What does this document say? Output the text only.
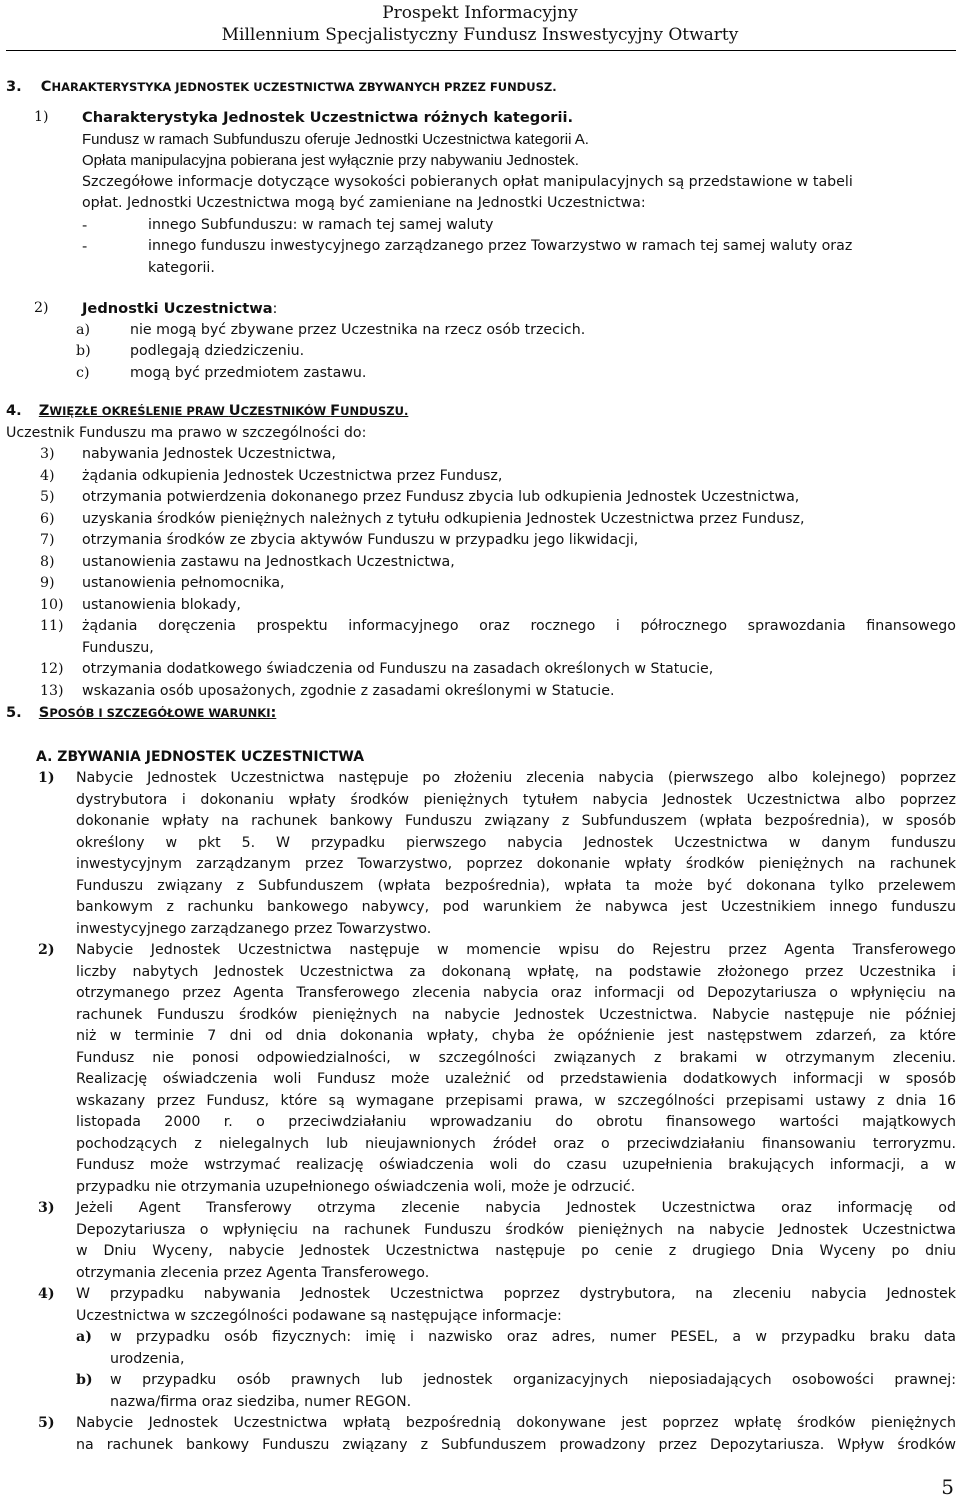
Prospekt Informacyjny
Millennium Specjalistyczny Fundusz Inswestycyjny Otwarty
3. CHARAKTERYSTYKA JEDNOSTEK UCZESTNICTWA ZBYWANYCH PRZEZ FUNDUSZ.
1)	Charakterystyka Jednostek Uczestnictwa różnych kategorii.
Fundusz w ramach Subfunduszu oferuje Jednostki Uczestnictwa kategorii A.
Opłata manipulacyjna pobierana jest wyłącznie przy nabywaniu Jednostek.
Szczegółowe informacje dotyczące wysokości pobieranych opłat manipulacyjnych są przedstawione w tabeli
opłat. Jednostki Uczestnictwa mogą być zamieniane na Jednostki Uczestnictwa:
-	innego Subfunduszu: w ramach tej samej waluty
-	innego funduszu inwestycyjnego zarządzanego przez Towarzystwo w ramach tej samej waluty oraz
kategorii.
2)	Jednostki Uczestnictwa:
a)	nie mogą być zbywane przez Uczestnika na rzecz osób trzecich.
b)	podlegają dziedziczeniu.
c)	mogą być przedmiotem zastawu.
4. ZWIĘZŁE OKREŚLENIE PRAW UCZESTNIKÓW FUNDUSZU.
Uczestnik Funduszu ma prawo w szczególności do:
3)	nabywania Jednostek Uczestnictwa,
4)	żądania odkupienia Jednostek Uczestnictwa przez Fundusz,
5)	otrzymania potwierdzenia dokonanego przez Fundusz zbycia lub odkupienia Jednostek Uczestnictwa,
6)	uzyskania środków pieniężnych należnych z tytułu odkupienia Jednostek Uczestnictwa przez Fundusz,
7)	otrzymania środków ze zbycia aktywów Funduszu w przypadku jego likwidacji,
8)	ustanowienia zastawu na Jednostkach Uczestnictwa,
9)	ustanowienia pełnomocnika,
10)	ustanowienia blokady,
11)	żądania doręczenia prospektu informacyjnego oraz rocznego i półrocznego sprawozdania finansowego
Funduszu,
12)	otrzymania dodatkowego świadczenia od Funduszu na zasadach określonych w Statucie,
13)	wskazania osób uposażonych, zgodnie z zasadami określonymi w Statucie.
5. SPOSÓB I SZCZEGÓŁOWE WARUNKI:
A. ZBYWANIA JEDNOSTEK UCZESTNICTWA
1)	Nabycie Jednostek Uczestnictwa następuje po złożeniu zlecenia nabycia (pierwszego albo kolejnego) poprzez
dystrybutora i dokonaniu wpłaty środków pieniężnych tytułem nabycia Jednostek Uczestnictwa albo poprzez
dokonanie wpłaty na rachunek bankowy Funduszu związany z Subfunduszem (wpłata bezpośrednia), w sposób
określony w pkt 5. W przypadku pierwszego nabycia Jednostek Uczestnictwa w danym funduszu
inwestycyjnym zarządzanym przez Towarzystwo, poprzez dokonanie wpłaty środków pieniężnych na rachunek
Funduszu związany z Subfunduszem (wpłata bezpośrednia), wpłata ta może być dokonana tylko przelewem
bankowym z rachunku bankowego nabywcy, pod warunkiem że nabywca jest Uczestnikiem innego funduszu
inwestycyjnego zarządzanego przez Towarzystwo.
2)	Nabycie Jednostek Uczestnictwa następuje w momencie wpisu do Rejestru przez Agenta Transferowego
liczby nabytych Jednostek Uczestnictwa za dokonaną wpłatę, na podstawie złożonego przez Uczestnika i
otrzymanego przez Agenta Transferowego zlecenia nabycia oraz informacji od Depozytariusza o wpłynięciu na
rachunek Funduszu środków pieniężnych na nabycie Jednostek Uczestnictwa. Nabycie następuje nie później
niż w terminie 7 dni od dnia dokonania wpłaty, chyba że opóźnienie jest następstwem zdarzeń, za które
Fundusz nie ponosi odpowiedzialności, w szczególności związanych z brakami w otrzymanym zleceniu.
Realizację oświadczenia woli Fundusz może uzależnić od przedstawienia dodatkowych informacji w sposób
wskazany przez Fundusz, które są wymagane przepisami prawa, w szczególności przepisami ustawy z dnia 16
listopada 2000 r. o przeciwdziałaniu wprowadzaniu do obrotu finansowego wartości majątkowych
pochodzących z nielegalnych lub nieujawnionych źródeł oraz o przeciwdziałaniu finansowaniu terroryzmu.
Fundusz może wstrzymać realizację oświadczenia woli do czasu uzupełnienia brakujących informacji, a w
przypadku nie otrzymania uzupełnionego oświadczenia woli, może je odrzucić.
3)	Jeżeli Agent Transferowy otrzyma zlecenie nabycia Jednostek Uczestnictwa oraz informację od
Depozytariusza o wpłynięciu na rachunek Funduszu środków pieniężnych na nabycie Jednostek Uczestnictwa
w Dniu Wyceny, nabycie Jednostek Uczestnictwa następuje po cenie z drugiego Dnia Wyceny po dniu
otrzymania zlecenia przez Agenta Transferowego.
4)	W przypadku nabywania Jednostek Uczestnictwa poprzez dystrybutora, na zleceniu nabycia Jednostek
Uczestnictwa w szczególności podawane są następujące informacje:
a)	w przypadku osób fizycznych: imię i nazwisko oraz adres, numer PESEL, a w przypadku braku data
urodzenia,
b)	w przypadku osób prawnych lub jednostek organizacyjnych nieposiadających osobowości prawnej:
nazwa/firma oraz siedziba, numer REGON.
5)	Nabycie Jednostek Uczestnictwa wpłatą bezpośrednią dokonywane jest poprzez wpłatę środków pieniężnych
na rachunek bankowy Funduszu związany z Subfunduszem prowadzony przez Depozytariusza. Wpływ środków
5
